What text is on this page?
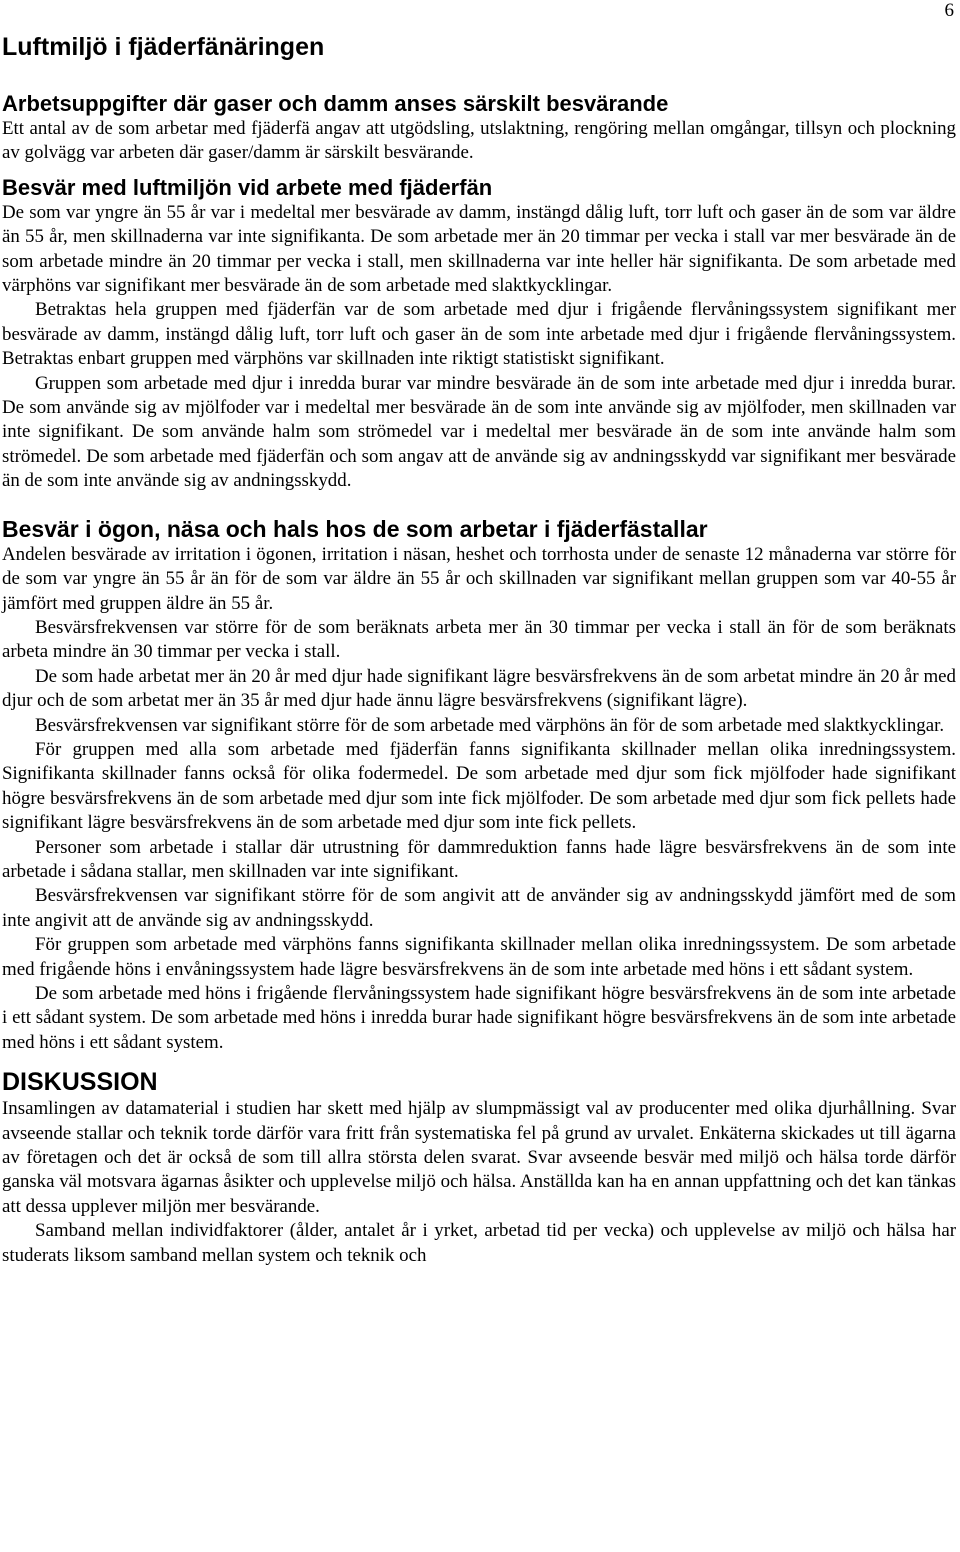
6
Luftmiljö i fjäderfänäringen
Arbetsuppgifter där gaser och damm anses särskilt besvärande

Ett antal av de som arbetar med fjäderfä angav att utgödsling, utslaktning, rengöring mellan omgångar, tillsyn och plockning av golvägg var arbeten där gaser/damm är särskilt besvärande.

Besvär med luftmiljön vid arbete med fjäderfän

De som var yngre än 55 år var i medeltal mer besvärade av damm, instängd dålig luft, torr luft och gaser än de som var äldre än 55 år, men skillnaderna var inte signifikanta. De som arbetade mer än 20 timmar per vecka i stall var mer besvärade än de som arbetade mindre än 20 timmar per vecka i stall, men skillnaderna var inte heller här signifikanta. De som arbetade med värphöns var signifikant mer besvärade än de som arbetade med slaktkycklingar.

Betraktas hela gruppen med fjäderfän var de som arbetade med djur i frigående flervåningssystem signifikant mer besvärade av damm, instängd dålig luft, torr luft och gaser än de som inte arbetade med djur i frigående flervåningssystem. Betraktas enbart gruppen med värphöns var skillnaden inte riktigt statistiskt signifikant.

Gruppen som arbetade med djur i inredda burar var mindre besvärade än de som inte arbetade med djur i inredda burar. De som använde sig av mjölfoder var i medeltal mer besvärade än de som inte använde sig av mjölfoder, men skillnaden var inte signifikant. De som använde halm som strömedel var i medeltal mer besvärade än de som inte använde halm som strömedel. De som arbetade med fjäderfän och som angav att de använde sig av andningsskydd var signifikant mer besvärade än de som inte använde sig av andningsskydd.

Besvär i ögon, näsa och hals hos de som arbetar i fjäderfästallar

Andelen besvärade av irritation i ögonen, irritation i näsan, heshet och torrhosta under de senaste 12 månaderna var större för de som var yngre än 55 år än för de som var äldre än 55 år och skillnaden var signifikant mellan gruppen som var 40-55 år jämfört med gruppen äldre än 55 år.

Besvärsfrekvensen var större för de som beräknats arbeta mer än 30 timmar per vecka i stall än för de som beräknats arbeta mindre än 30 timmar per vecka i stall.

De som hade arbetat mer än 20 år med djur hade signifikant lägre besvärsfrekvens än de som arbetat mindre än 20 år med djur och de som arbetat mer än 35 år med djur hade ännu lägre besvärsfrekvens (signifikant lägre).

Besvärsfrekvensen var signifikant större för de som arbetade med värphöns än för de som arbetade med slaktkycklingar.

För gruppen med alla som arbetade med fjäderfän fanns signifikanta skillnader mellan olika inredningssystem. Signifikanta skillnader fanns också för olika fodermedel. De som arbetade med djur som fick mjölfoder hade signifikant högre besvärsfrekvens än de som arbetade med djur som inte fick mjölfoder. De som arbetade med djur som fick pellets hade signifikant lägre besvärsfrekvens än de som arbetade med djur som inte fick pellets.

Personer som arbetade i stallar där utrustning för dammreduktion fanns hade lägre besvärsfrekvens än de som inte arbetade i sådana stallar, men skillnaden var inte signifikant.

Besvärsfrekvensen var signifikant större för de som angivit att de använder sig av andningsskydd jämfört med de som inte angivit att de använde sig av andningsskydd.

För gruppen som arbetade med värphöns fanns signifikanta skillnader mellan olika inredningssystem. De som arbetade med frigående höns i envåningssystem hade lägre besvärsfrekvens än de som inte arbetade med höns i ett sådant system.

De som arbetade med höns i frigående flervåningssystem hade signifikant högre besvärsfrekvens än de som inte arbetade i ett sådant system. De som arbetade med höns i inredda burar hade signifikant högre besvärsfrekvens än de som inte arbetade med höns i ett sådant system.

DISKUSSION

Insamlingen av datamaterial i studien har skett med hjälp av slumpmässigt val av producenter med olika djurhållning. Svar avseende stallar och teknik torde därför vara fritt från systematiska fel på grund av urvalet. Enkäterna skickades ut till ägarna av företagen och det är också de som till allra största delen svarat. Svar avseende besvär med miljö och hälsa torde därför ganska väl motsvara ägarnas åsikter och upplevelse miljö och hälsa. Anställda kan ha en annan uppfattning och det kan tänkas att dessa upplever miljön mer besvärande.

Samband mellan individfaktorer (ålder, antalet år i yrket, arbetad tid per vecka) och upplevelse av miljö och hälsa har studerats liksom samband mellan system och teknik och
